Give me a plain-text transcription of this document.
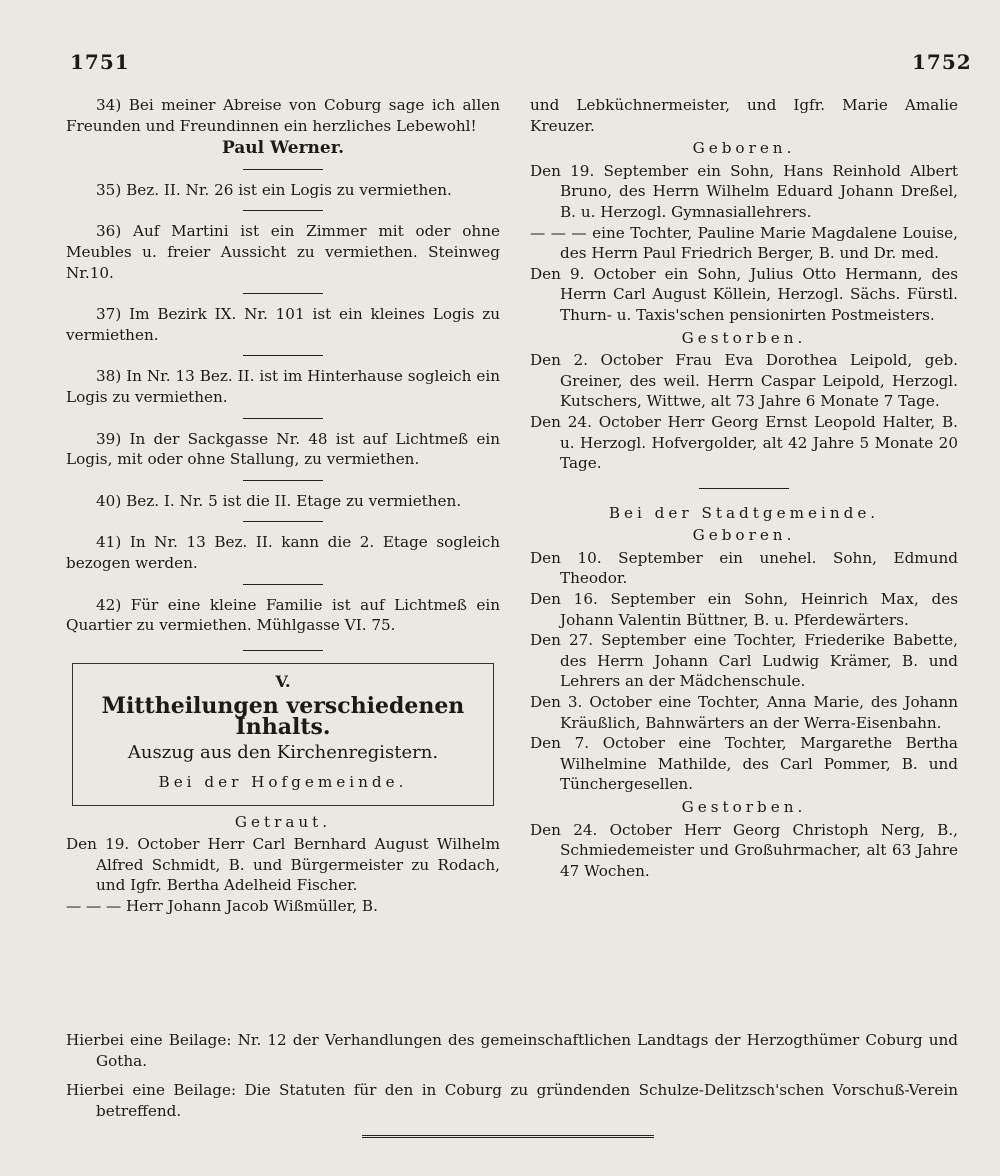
1751	1752

34) Bei meiner Abreise von Coburg sage ich allen Freunden und Freundinnen ein herzliches Lebewohl!

Paul Werner.

35) Bez. II. Nr. 26 ist ein Logis zu vermiethen.

36) Auf Martini ist ein Zimmer mit oder ohne Meubles u. freier Aussicht zu vermiethen. Steinweg Nr.10.

37) Im Bezirk IX. Nr. 101 ist ein kleines Logis zu vermiethen.

38) In Nr. 13 Bez. II. ist im Hinterhause sogleich ein Logis zu vermiethen.

39) In der Sackgasse Nr. 48 ist auf Lichtmeß ein Logis, mit oder ohne Stallung, zu vermiethen.

40) Bez. I. Nr. 5 ist die II. Etage zu vermiethen.

41) In Nr. 13 Bez. II. kann die 2. Etage sogleich bezogen werden.

42) Für eine kleine Familie ist auf Lichtmeß ein Quartier zu vermiethen. Mühlgasse VI. 75.

V.
Mittheilungen verschiedenen Inhalts.
Auszug aus den Kirchenregistern.
Bei der Hofgemeinde.
Getraut.

Den 19. October Herr Carl Bernhard August Wilhelm Alfred Schmidt, B. und Bürgermeister zu Rodach, und Igfr. Bertha Adelheid Fischer.

— — — Herr Johann Jacob Wißmüller, B.

und Lebküchnermeister, und Igfr. Marie Amalie Kreuzer.

Geboren.

Den 19. September ein Sohn, Hans Reinhold Albert Bruno, des Herrn Wilhelm Eduard Johann Dreßel, B. u. Herzogl. Gymnasiallehrers.

— — — eine Tochter, Pauline Marie Magdalene Louise, des Herrn Paul Friedrich Berger, B. und Dr. med.

Den 9. October ein Sohn, Julius Otto Hermann, des Herrn Carl August Köllein, Herzogl. Sächs. Fürstl. Thurn- u. Taxis'schen pensionirten Postmeisters.

Gestorben.

Den 2. October Frau Eva Dorothea Leipold, geb. Greiner, des weil. Herrn Caspar Leipold, Herzogl. Kutschers, Wittwe, alt 73 Jahre 6 Monate 7 Tage.

Den 24. October Herr Georg Ernst Leopold Halter, B. u. Herzogl. Hofvergolder, alt 42 Jahre 5 Monate 20 Tage.

Bei der Stadtgemeinde.
Geboren.

Den 10. September ein unehel. Sohn, Edmund Theodor.

Den 16. September ein Sohn, Heinrich Max, des Johann Valentin Büttner, B. u. Pferdewärters.

Den 27. September eine Tochter, Friederike Babette, des Herrn Johann Carl Ludwig Krämer, B. und Lehrers an der Mädchenschule.

Den 3. October eine Tochter, Anna Marie, des Johann Kräußlich, Bahnwärters an der Werra-Eisenbahn.

Den 7. October eine Tochter, Margarethe Bertha Wilhelmine Mathilde, des Carl Pommer, B. und Tünchergesellen.

Gestorben.

Den 24. October Herr Georg Christoph Nerg, B., Schmiedemeister und Großuhrmacher, alt 63 Jahre 47 Wochen.

Hierbei eine Beilage: Nr. 12 der Verhandlungen des gemeinschaftlichen Landtags der Herzogthümer Coburg und Gotha.

Hierbei eine Beilage: Die Statuten für den in Coburg zu gründenden Schulze-Delitzsch'schen Vorschuß-Verein betreffend.
